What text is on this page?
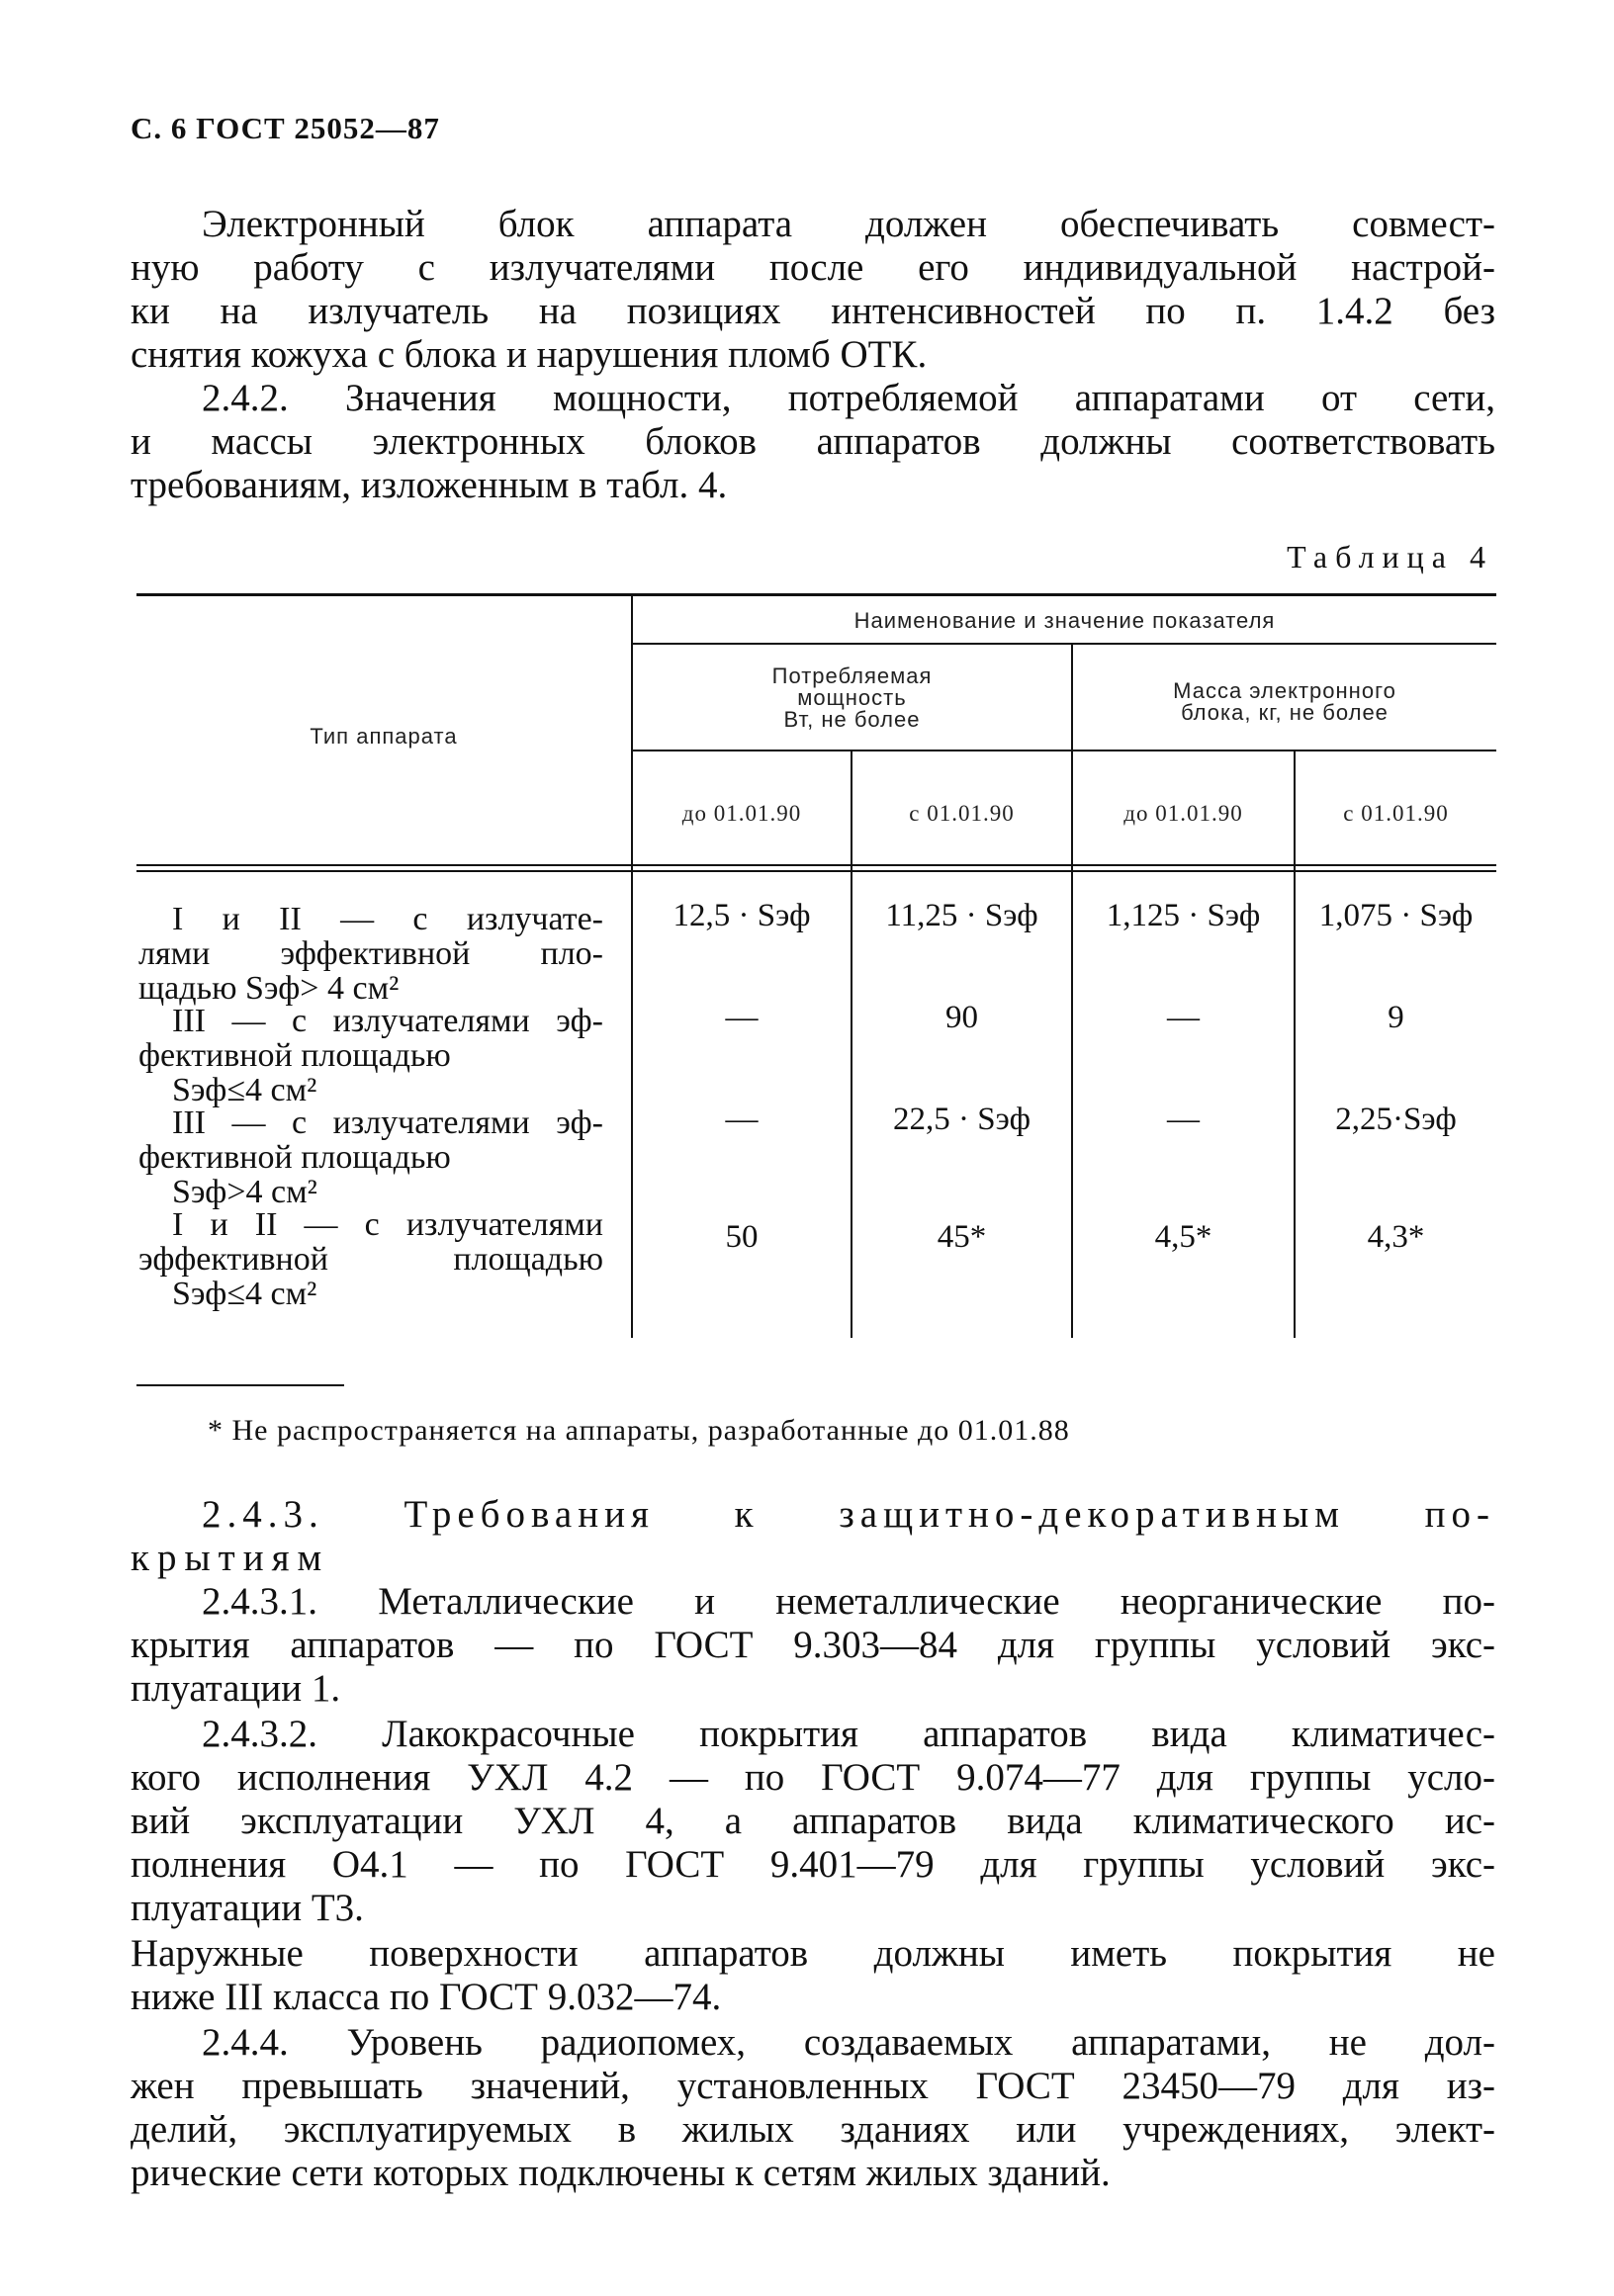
С. 6 ГОСТ 25052—87
Электронный блок аппарата должен обеспечивать совмест-
ную работу с излучателями после его индивидуальной настрой-
ки на излучатель на позициях интенсивностей по п. 1.4.2 без
снятия кожуха с блока и нарушения пломб ОТК.
2.4.2. Значения мощности, потребляемой аппаратами от сети,
и массы электронных блоков аппаратов должны соответствовать
требованиям, изложенным в табл. 4.
Таблица 4
Тип аппарата
Наименование и значение показателя
Потребляемая
мощность
Вт, не более
Масса электронного
блока, кг, не более
до 01.01.90	с 01.01.90	до 01.01.90	с 01.01.90
I и II — с излучате-
лями эффективной пло-
щадью Sэф> 4 см²
12,5 · Sэф	11,25 · Sэф	1,125 · Sэф	1,075 · Sэф
III — с излучателями эф-
фективной площадью
Sэф≤4 см²
—	90	—	9
III — с излучателями эф-
фективной площадью
Sэф>4 см²
—	22,5 · Sэф	—	2,25·Sэф
I и II — с излучателями
эффективной площадью
Sэф≤4 см²
50	45*	4,5*	4,3*
* Не распространяется на аппараты, разработанные до 01.01.88
2.4.3. Требования к защитно-декоративным по-
крытиям
2.4.3.1. Металлические и неметаллические неорганические по-
крытия аппаратов — по ГОСТ 9.303—84 для группы условий экс-
плуатации 1.
2.4.3.2. Лакокрасочные покрытия аппаратов вида климатичес-
кого исполнения УХЛ 4.2 — по ГОСТ 9.074—77 для группы усло-
вий эксплуатации УХЛ 4, а аппаратов вида климатического ис-
полнения О4.1 — по ГОСТ 9.401—79 для группы условий экс-
плуатации Т3.
Наружные поверхности аппаратов должны иметь покрытия не
ниже III класса по ГОСТ 9.032—74.
2.4.4. Уровень радиопомех, создаваемых аппаратами, не дол-
жен превышать значений, установленных ГОСТ 23450—79 для из-
делий, эксплуатируемых в жилых зданиях или учреждениях, элект-
рические сети которых подключены к сетям жилых зданий.
